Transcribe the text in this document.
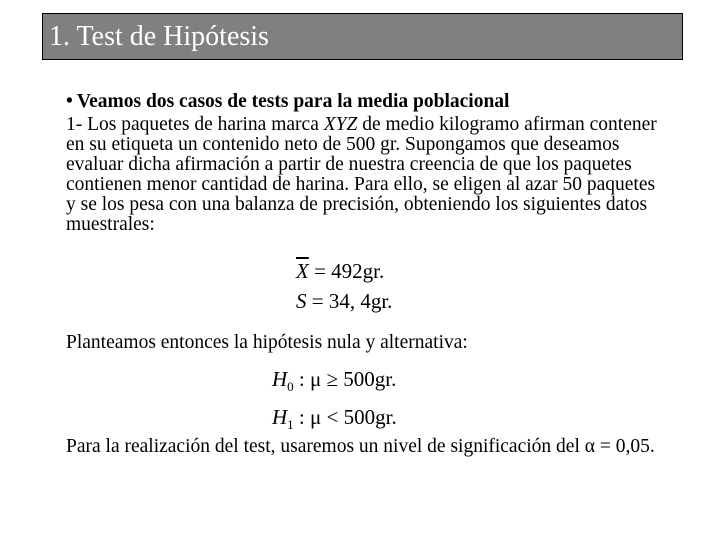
1. Test de Hipótesis
• Veamos dos casos de tests para la media poblacional

1- Los paquetes de harina marca XYZ de medio kilogramo afirman contener en su etiqueta un contenido neto de 500 gr. Supongamos que deseamos evaluar dicha afirmación a partir de nuestra creencia de que los paquetes contienen menor cantidad de harina. Para ello, se eligen al azar 50 paquetes y se los pesa con una balanza de precisión, obteniendo los siguientes datos muestrales:

$\overline{X} = 492gr$.
S = 34, 4gr.
Planteamos entonces la hipótesis nula y alternativa:
$H_0$ : μ ≥ 500gr.
$H_1$ : μ < 500gr.
Para la realización del test, usaremos un nivel de significación del α = 0,05.
